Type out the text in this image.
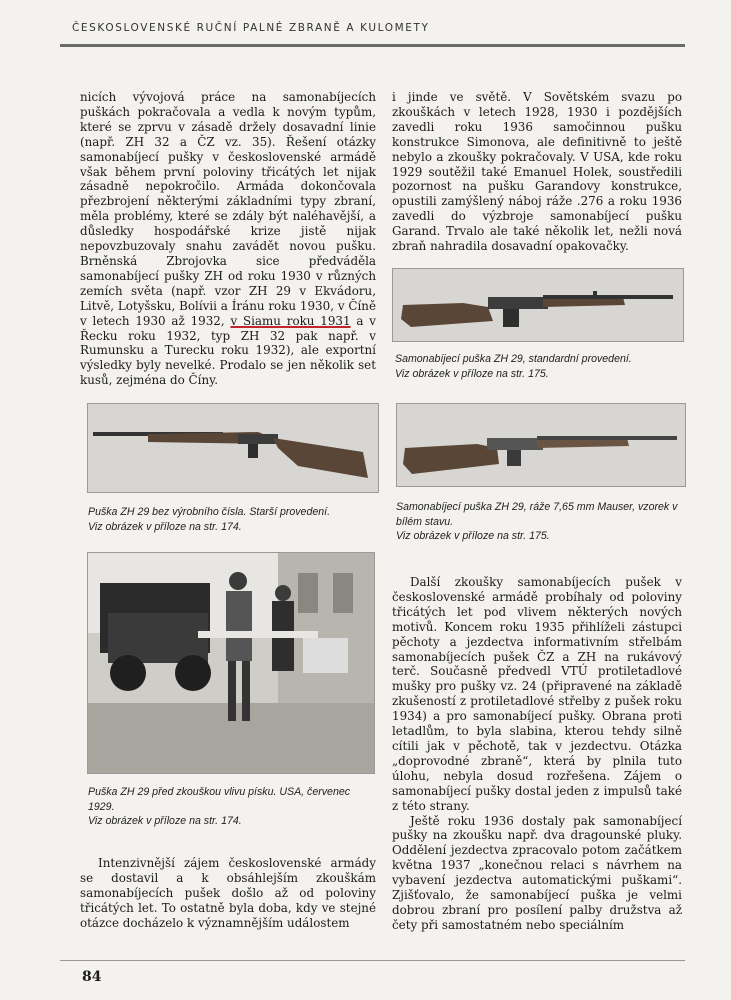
ČESKOSLOVENSKÉ RUČNÍ PALNÉ ZBRANĚ A KULOMETY

nicích vývojová práce na samonabíjecích puškách pokračovala a vedla k novým typům, které se zprvu v zásadě držely dosavadní linie (např. ZH 32 a ČZ vz. 35). Řešení otázky samonabíjecí pušky v československé armádě však během první poloviny třicátých let nijak zásadně nepokročilo. Armáda dokončovala přezbrojení některými základními typy zbraní, měla problémy, které se zdály být naléhavější, a důsledky hospodářské krize jistě nijak nepovzbuzovaly snahu zavádět novou pušku. Brněnská Zbrojovka sice předváděla samonabíjecí pušky ZH od roku 1930 v různých zemích světa (např. vzor ZH 29 v Ekvádoru, Litvě, Lotyšsku, Bolívii a Íránu roku 1930, v Číně v letech 1930 až 1932, v Siamu roku 1931 a v Řecku roku 1932, typ ZH 32 pak např. v Rumunsku a Turecku roku 1932), ale exportní výsledky byly nevelké. Prodalo se jen několik set kusů, zejména do Číny.

i jinde ve světě. V Sovětském svazu po zkouškách v letech 1928, 1930 i pozdějších zavedli roku 1936 samočinnou pušku konstrukce Simonova, ale definitivně to ještě nebylo a zkoušky pokračovaly. V USA, kde roku 1929 soutěžil také Emanuel Holek, soustředili pozornost na pušku Garandovy konstrukce, opustili zamýšlený náboj ráže .276 a roku 1936 zavedli do výzbroje samonabíjecí pušku Garand. Trvalo ale také několik let, nežli nová zbraň nahradila dosavadní opakovačky.

Samonabíjecí puška ZH 29, standardní provedení.
Viz obrázek v příloze na str. 175.
Puška ZH 29 bez výrobního čísla. Starší provedení.
Viz obrázek v příloze na str. 174.
Samonabíjecí puška ZH 29, ráže 7,65 mm Mauser, vzorek v bílém stavu.
Viz obrázek v příloze na str. 175.
Puška ZH 29 před zkouškou vlivu písku. USA, červenec 1929.
Viz obrázek v příloze na str. 174.

Další zkoušky samonabíjecích pušek v československé armádě probíhaly od poloviny třicátých let pod vlivem některých nových motivů. Koncem roku 1935 přihlíželi zástupci pěchoty a jezdectva informativním střelbám samonabíjecích pušek ČZ a ZH na rukávový terč. Současně předvedl VTÚ protiletadlové mušky pro pušky vz. 24 (připravené na základě zkušeností z protiletadlové střelby z pušek roku 1934) a pro samonabíjecí pušky. Obrana proti letadlům, to byla slabina, kterou tehdy silně cítili jak v pěchotě, tak v jezdectvu. Otázka „doprovodné zbraně“, která by plnila tuto úlohu, nebyla dosud rozřešena. Zájem o samonabíjecí pušky dostal jeden z impulsů také z této strany.

Ještě roku 1936 dostaly pak samonabíjecí pušky na zkoušku např. dva dragounské pluky. Oddělení jezdectva zpracovalo potom začátkem května 1937 „konečnou relaci s návrhem na vybavení jezdectva automatickými puškami“. Zjišťovalo, že samonabíjecí puška je velmi dobrou zbraní pro posílení palby družstva až čety při samostatném nebo speciálním

Intenzivnější zájem československé armády se dostavil a k obsáhlejším zkouškám samonabíjecích pušek došlo až od poloviny třicátých let. To ostatně byla doba, kdy ve stejné otázce docházelo k významnějším událostem

84
